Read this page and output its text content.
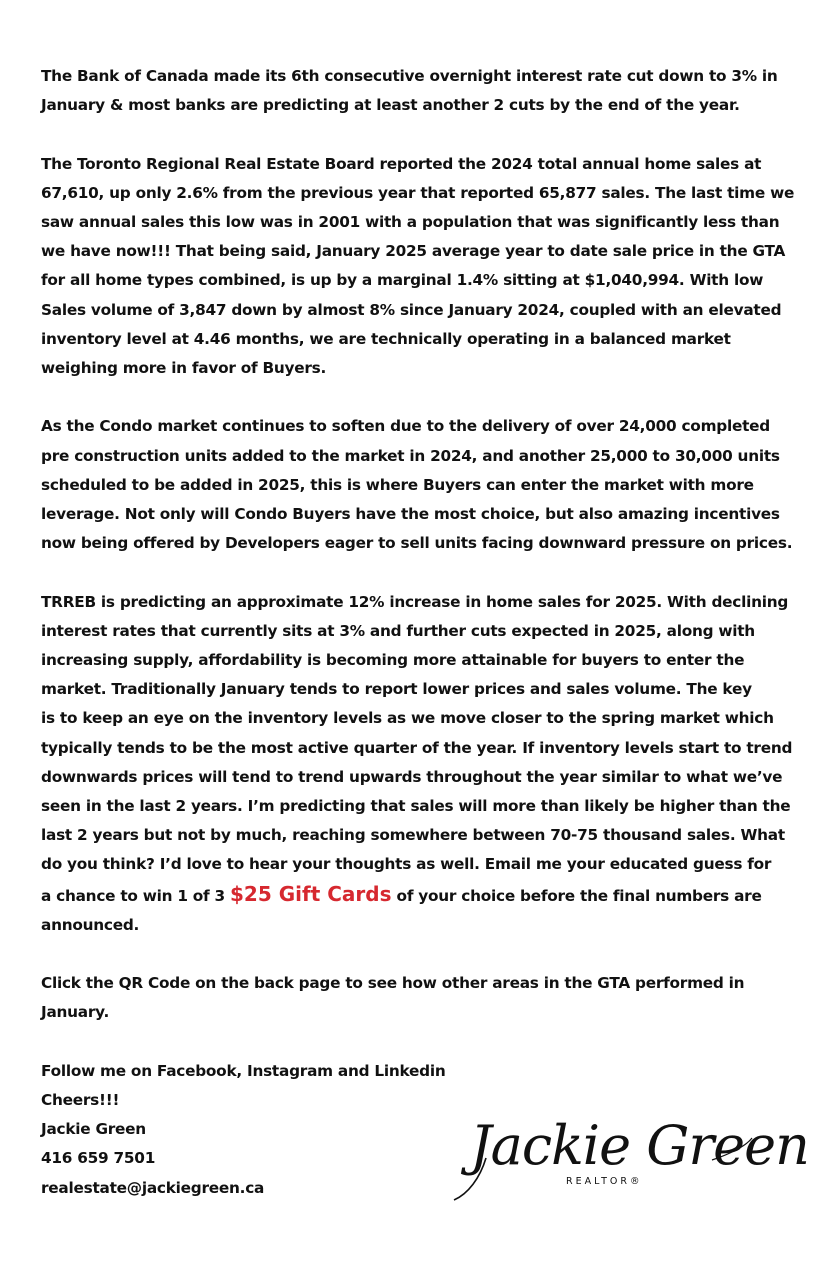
The Bank of Canada made its 6th consecutive overnight interest rate cut down to 3% in
January & most banks are predicting at least another 2 cuts by the end of the year.

The Toronto Regional Real Estate Board reported the 2024 total annual home sales at
67,610, up only 2.6% from the previous year that reported 65,877 sales. The last time we
saw annual sales this low was in 2001 with a population that was significantly less than
we have now!!! That being said, January 2025 average year to date sale price in the GTA
for all home types combined, is up by a marginal 1.4% sitting at $1,040,994. With low
Sales volume of 3,847 down by almost 8% since January 2024, coupled with an elevated
inventory level at 4.46 months, we are technically operating in a balanced market
weighing more in favor of Buyers.

As the Condo market continues to soften due to the delivery of over 24,000 completed
pre construction units added to the market in 2024, and another 25,000 to 30,000 units
scheduled to be added in 2025, this is where Buyers can enter the market with more
leverage. Not only will Condo Buyers have the most choice, but also amazing incentives
now being offered by Developers eager to sell units facing downward pressure on prices.

TRREB is predicting an approximate 12% increase in home sales for 2025. With declining
interest rates that currently sits at 3% and further cuts expected in 2025, along with
increasing supply, affordability is becoming more attainable for buyers to enter the
market. Traditionally January tends to report lower prices and sales volume. The key
is to keep an eye on the inventory levels as we move closer to the spring market which
typically tends to be the most active quarter of the year. If inventory levels start to trend
downwards prices will tend to trend upwards throughout the year similar to what we’ve
seen in the last 2 years. I’m predicting that sales will more than likely be higher than the
last 2 years but not by much, reaching somewhere between 70-75 thousand sales. What
do you think? I’d love to hear your thoughts as well. Email me your educated guess for
a chance to win 1 of 3 $25 Gift Cards of your choice before the final numbers are
announced.

Click the QR Code on the back page to see how other areas in the GTA performed in
January.

Follow me on Facebook, Instagram and Linkedin
Cheers!!!
Jackie Green
416 659 7501
realestate@jackiegreen.ca

Jackie Green
REALTOR®
